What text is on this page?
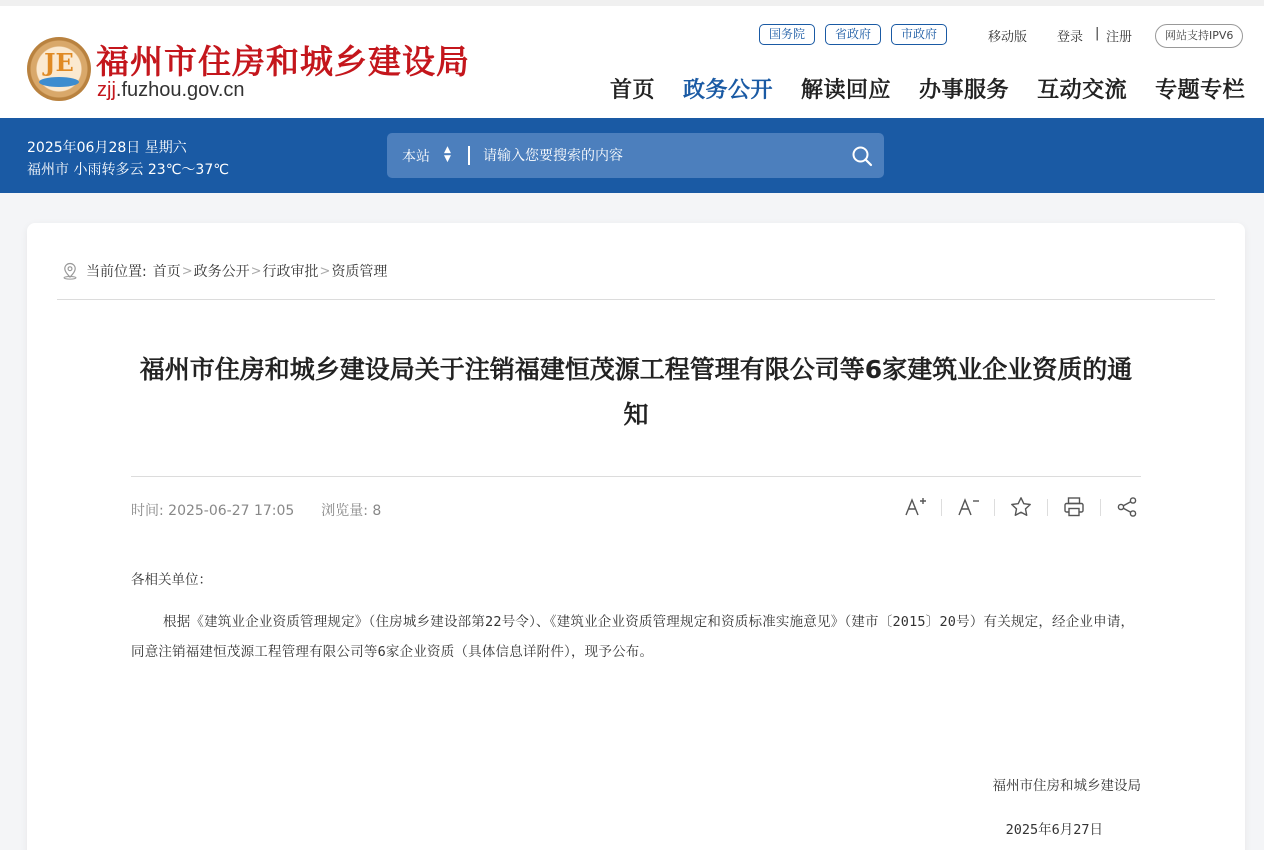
JE 福州市住房和城乡建设局
zjj.fuzhou.gov.cn
国务院	省政府	市政府	移动版 登录 | 注册	网站支持IPV6
首页 政务公开 解读回应 办事服务 互动交流 专题专栏
2025年06月28日 星期六
福州市 小雨转多云 23℃～37℃
本站 ▲
▼
请输入您要搜索的内容
当前位置: 首页 > 政务公开 > 行政审批 > 资质管理
福州市住房和城乡建设局关于注销福建恒茂源工程管理有限公司等6家建筑业企业资质的通知
时间: 2025-06-27 17:05 浏览量: 8
各相关单位：

根据《建筑业企业资质管理规定》（住房城乡建设部第22号令）、《建筑业企业资质管理规定和资质标准实施意见》（建市〔2015〕20号）有关规定，经企业申请，同意注销福建恒茂源工程管理有限公司等6家企业资质（具体信息详附件），现予公布。

福州市住房和城乡建设局
2025年6月27日
